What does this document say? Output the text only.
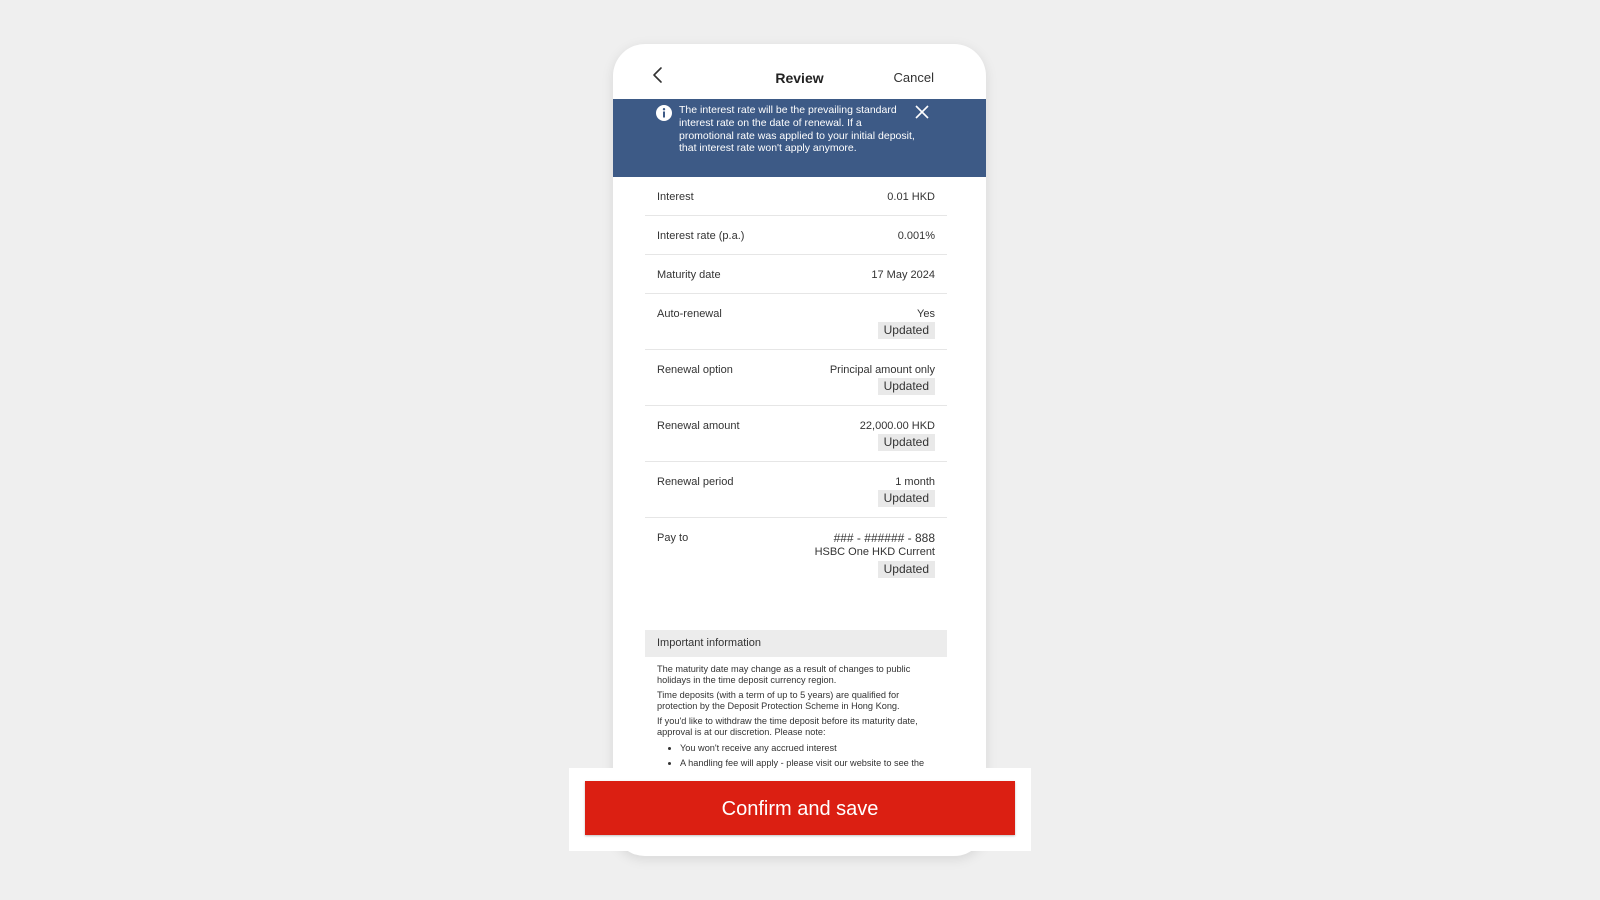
Review	Cancel
The interest rate will be the prevailing standard interest rate on the date of renewal. If a promotional rate was applied to your initial deposit, that interest rate won't apply anymore.
Interest	0.01 HKD
Interest rate (p.a.)	0.001%
Maturity date	17 May 2024
Auto-renewal	Yes
Updated
Renewal option	Principal amount only
Updated
Renewal amount	22,000.00 HKD
Updated
Renewal period	1 month
Updated
Pay to	### - ###### - 888
HSBC One HKD Current
Updated
Important information

The maturity date may change as a result of changes to public holidays in the time deposit currency region.

Time deposits (with a term of up to 5 years) are qualified for protection by the Deposit Protection Scheme in Hong Kong.

If you'd like to withdraw the time deposit before its maturity date, approval is at our discretion. Please note:

• You won't receive any accrued interest
• A handling fee will apply - please visit our website to see the

Confirm and save
